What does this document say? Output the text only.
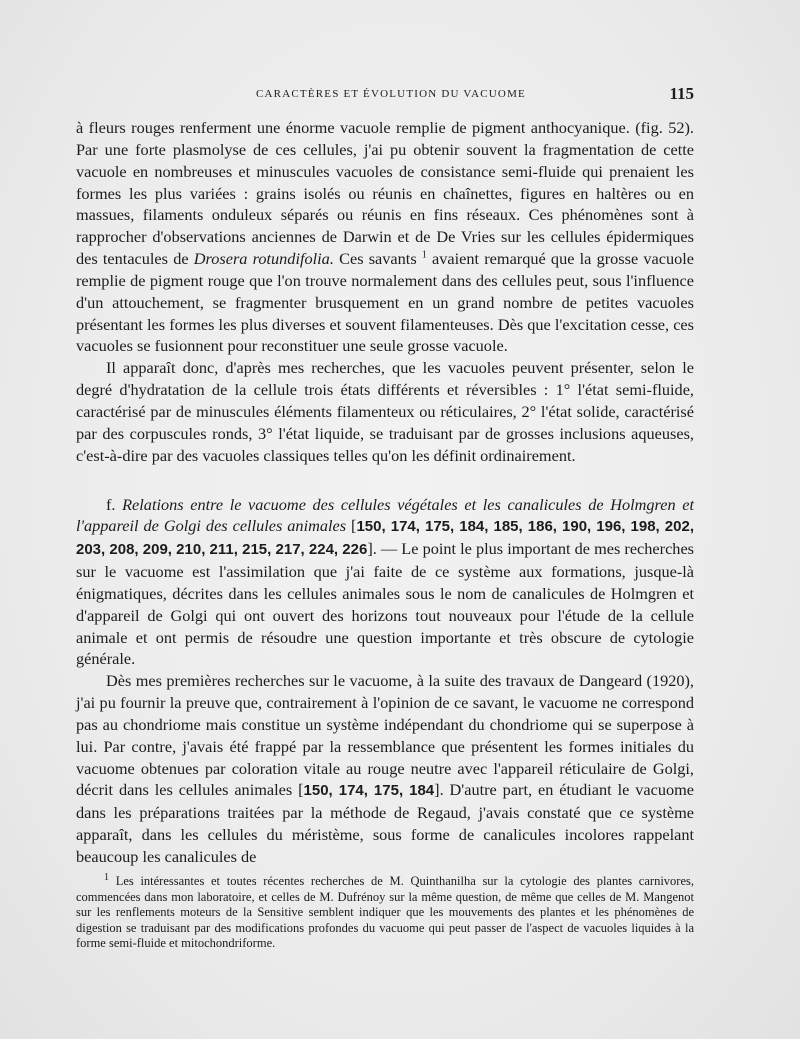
CARACTÈRES ET ÉVOLUTION DU VACUOME	115

à fleurs rouges renferment une énorme vacuole remplie de pigment anthocyanique. (fig. 52). Par une forte plasmolyse de ces cellules, j'ai pu obtenir souvent la fragmentation de cette vacuole en nombreuses et minuscules vacuoles de consistance semi-fluide qui prenaient les formes les plus variées : grains isolés ou réunis en chaînettes, figures en haltères ou en massues, filaments onduleux séparés ou réunis en fins réseaux. Ces phénomènes sont à rapprocher d'observations anciennes de Darwin et de De Vries sur les cellules épidermiques des tentacules de Drosera rotundifolia. Ces savants $^1$ avaient remarqué que la grosse vacuole remplie de pigment rouge que l'on trouve normalement dans des cellules peut, sous l'influence d'un attouchement, se fragmenter brusquement en un grand nombre de petites vacuoles présentant les formes les plus diverses et souvent filamenteuses. Dès que l'excitation cesse, ces vacuoles se fusionnent pour reconstituer une seule grosse vacuole.

Il apparaît donc, d'après mes recherches, que les vacuoles peuvent présenter, selon le degré d'hydratation de la cellule trois états différents et réversibles : 1° l'état semi-fluide, caractérisé par de minuscules éléments filamenteux ou réticulaires, 2° l'état solide, caractérisé par des corpuscules ronds, 3° l'état liquide, se traduisant par de grosses inclusions aqueuses, c'est-à-dire par des vacuoles classiques telles qu'on les définit ordinairement.

f. Relations entre le vacuome des cellules végétales et les canalicules de Holmgren et l'appareil de Golgi des cellules animales [150, 174, 175, 184, 185, 186, 190, 196, 198, 202, 203, 208, 209, 210, 211, 215, 217, 224, 226]. — Le point le plus important de mes recherches sur le vacuome est l'assimilation que j'ai faite de ce système aux formations, jusque-là énigmatiques, décrites dans les cellules animales sous le nom de canalicules de Holmgren et d'appareil de Golgi qui ont ouvert des horizons tout nouveaux pour l'étude de la cellule animale et ont permis de résoudre une question importante et très obscure de cytologie générale.

Dès mes premières recherches sur le vacuome, à la suite des travaux de Dangeard (1920), j'ai pu fournir la preuve que, contrairement à l'opinion de ce savant, le vacuome ne correspond pas au chondriome mais constitue un système indépendant du chondriome qui se superpose à lui. Par contre, j'avais été frappé par la ressemblance que présentent les formes initiales du vacuome obtenues par coloration vitale au rouge neutre avec l'appareil réticulaire de Golgi, décrit dans les cellules animales [150, 174, 175, 184]. D'autre part, en étudiant le vacuome dans les préparations traitées par la méthode de Regaud, j'avais constaté que ce système apparaît, dans les cellules du méristème, sous forme de canalicules incolores rappelant beaucoup les canalicules de

$^1$ Les intéressantes et toutes récentes recherches de M. Quinthanilha sur la cytologie des plantes carnivores, commencées dans mon laboratoire, et celles de M. Dufrénoy sur la même question, de même que celles de M. Mangenot sur les renflements moteurs de la Sensitive semblent indiquer que les mouvements des plantes et les phénomènes de digestion se traduisant par des modifications profondes du vacuome qui peut passer de l'aspect de vacuoles liquides à la forme semi-fluide et mitochondriforme.
